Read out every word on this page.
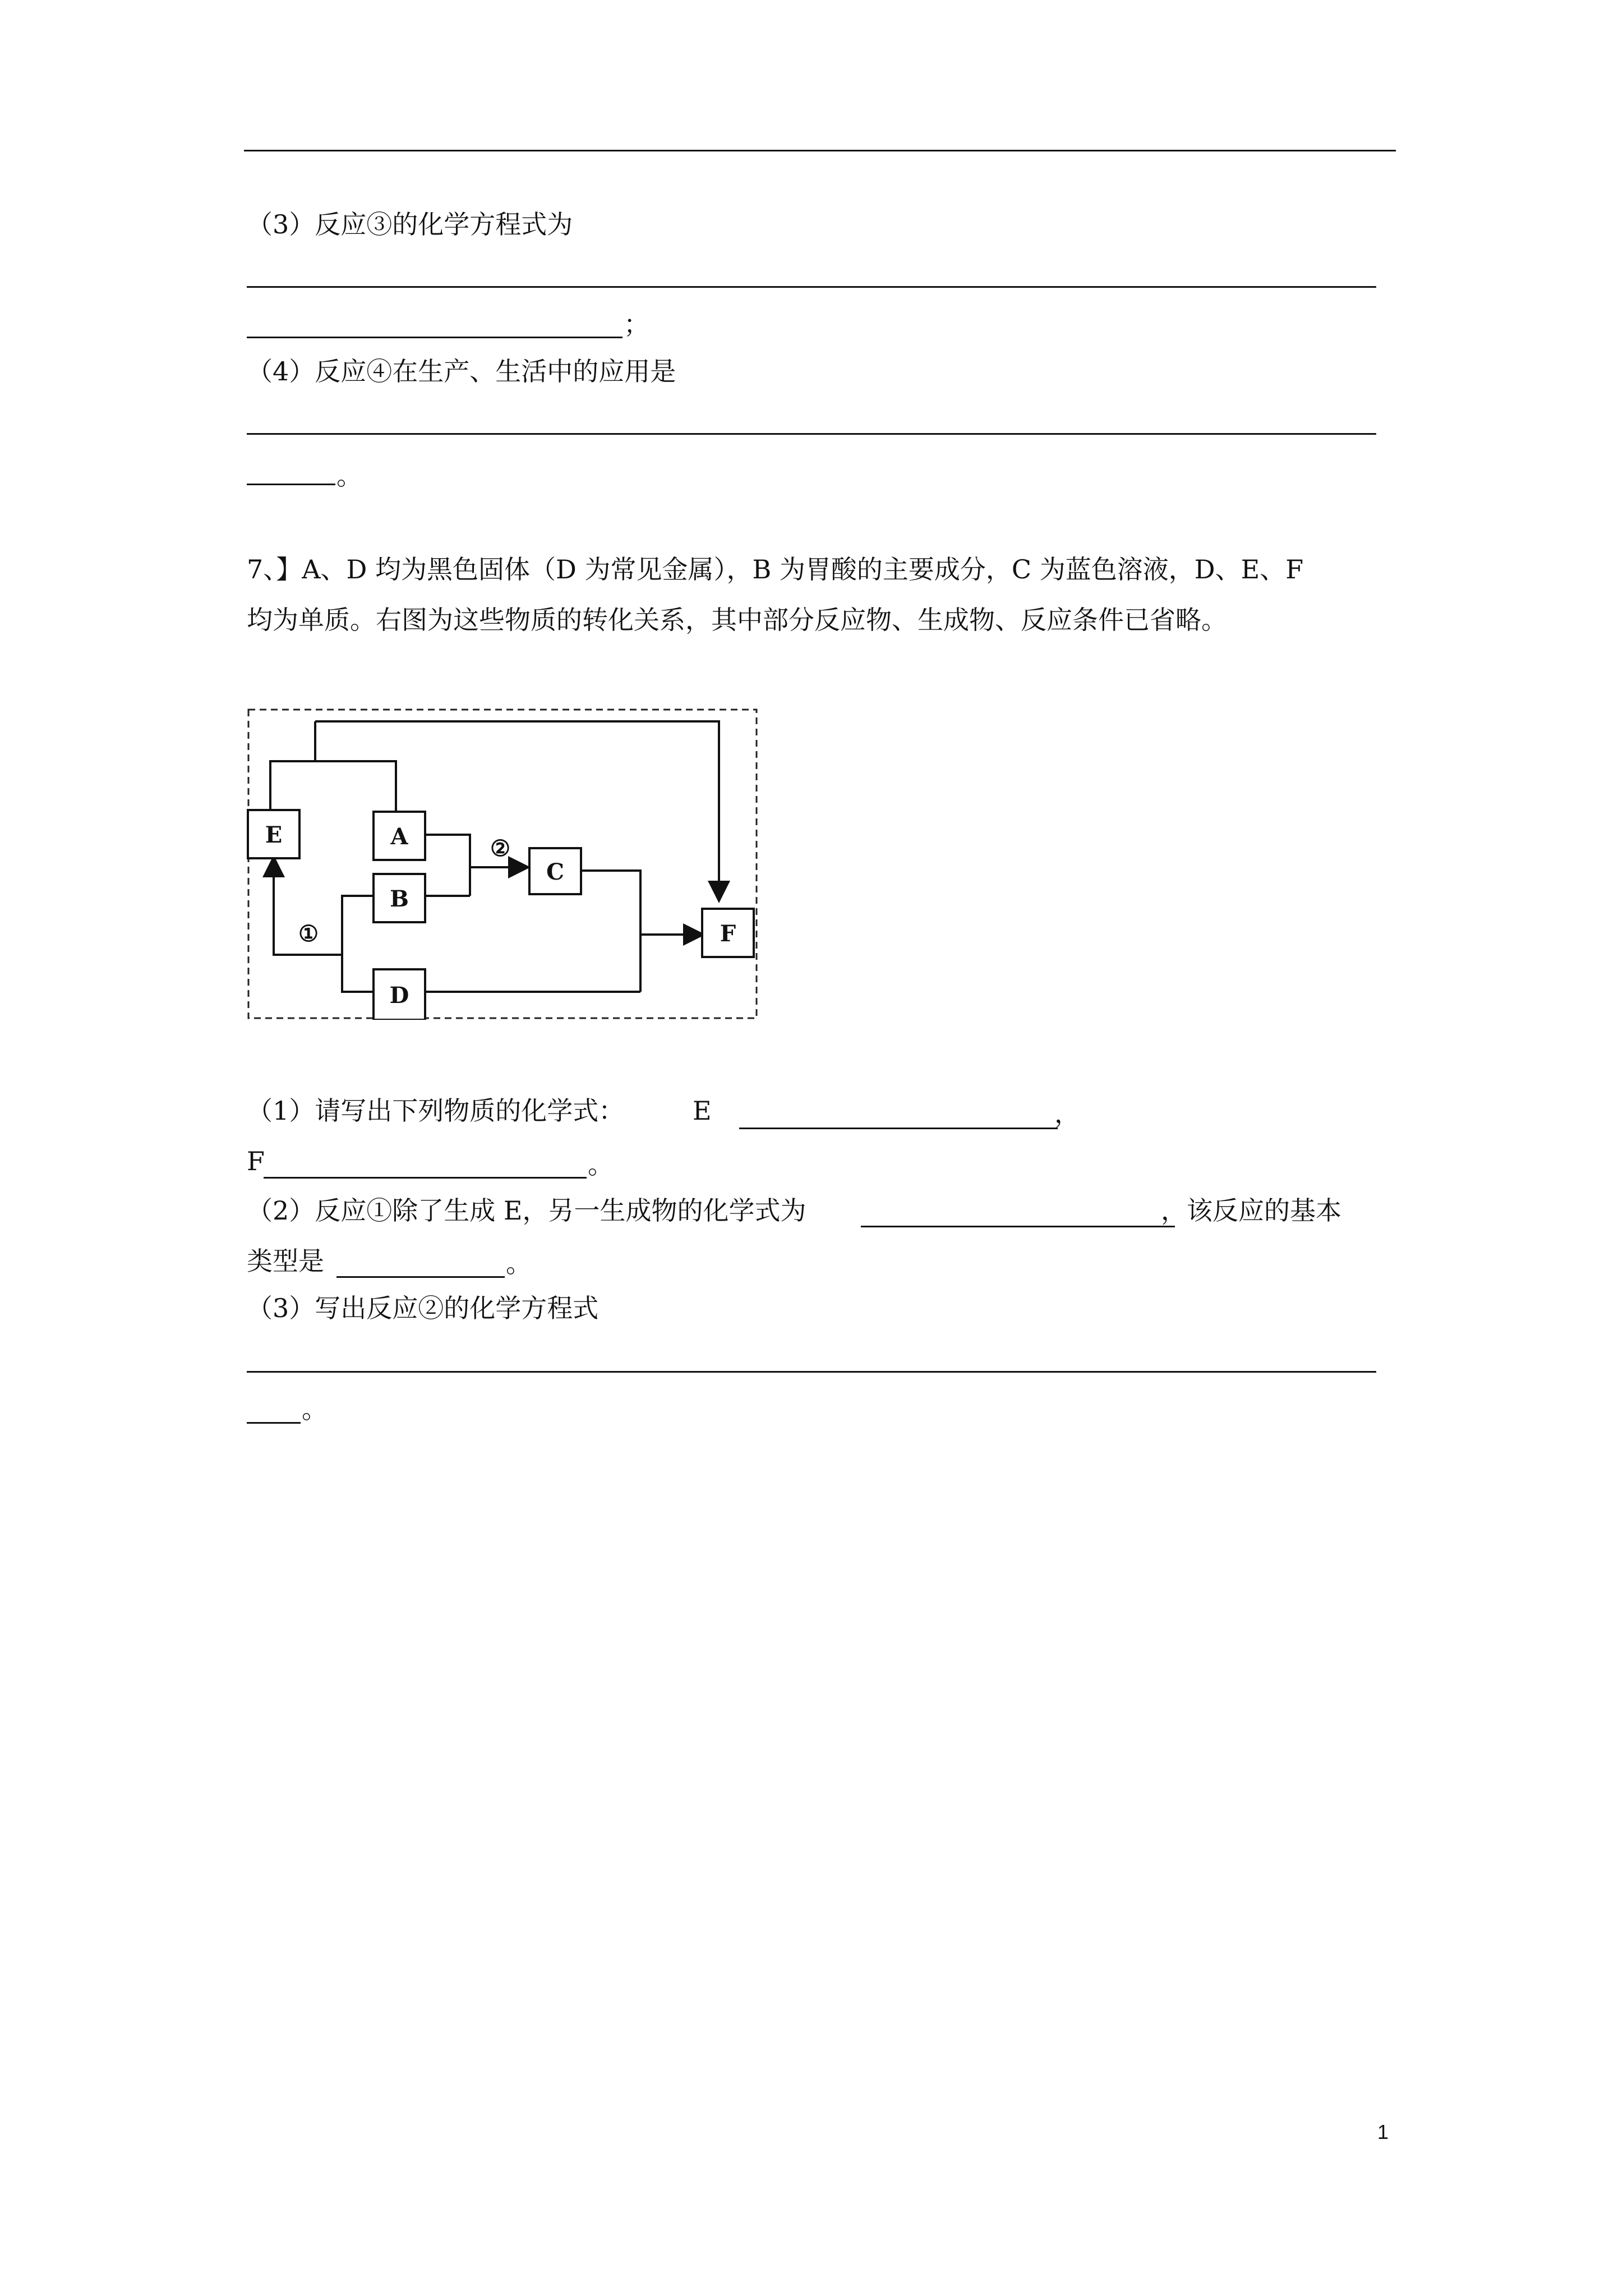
（3）反应③的化学方程式为
；
（4）反应④在生产、生活中的应用是
。
7、】A、D 均为黑色固体（D 为常见金属），B 为胃酸的主要成分，C 为蓝色溶液，D、E、F
均为单质。右图为这些物质的转化关系，其中部分反应物、生成物、反应条件已省略。
E	A
B
C
D
F
①
②
（1）请写出下列物质的化学式：	E	，
F	。
（2）反应①除了生成 E，另一生成物的化学式为	，该反应的基本
类型是	。
（3）写出反应②的化学方程式
。
1
